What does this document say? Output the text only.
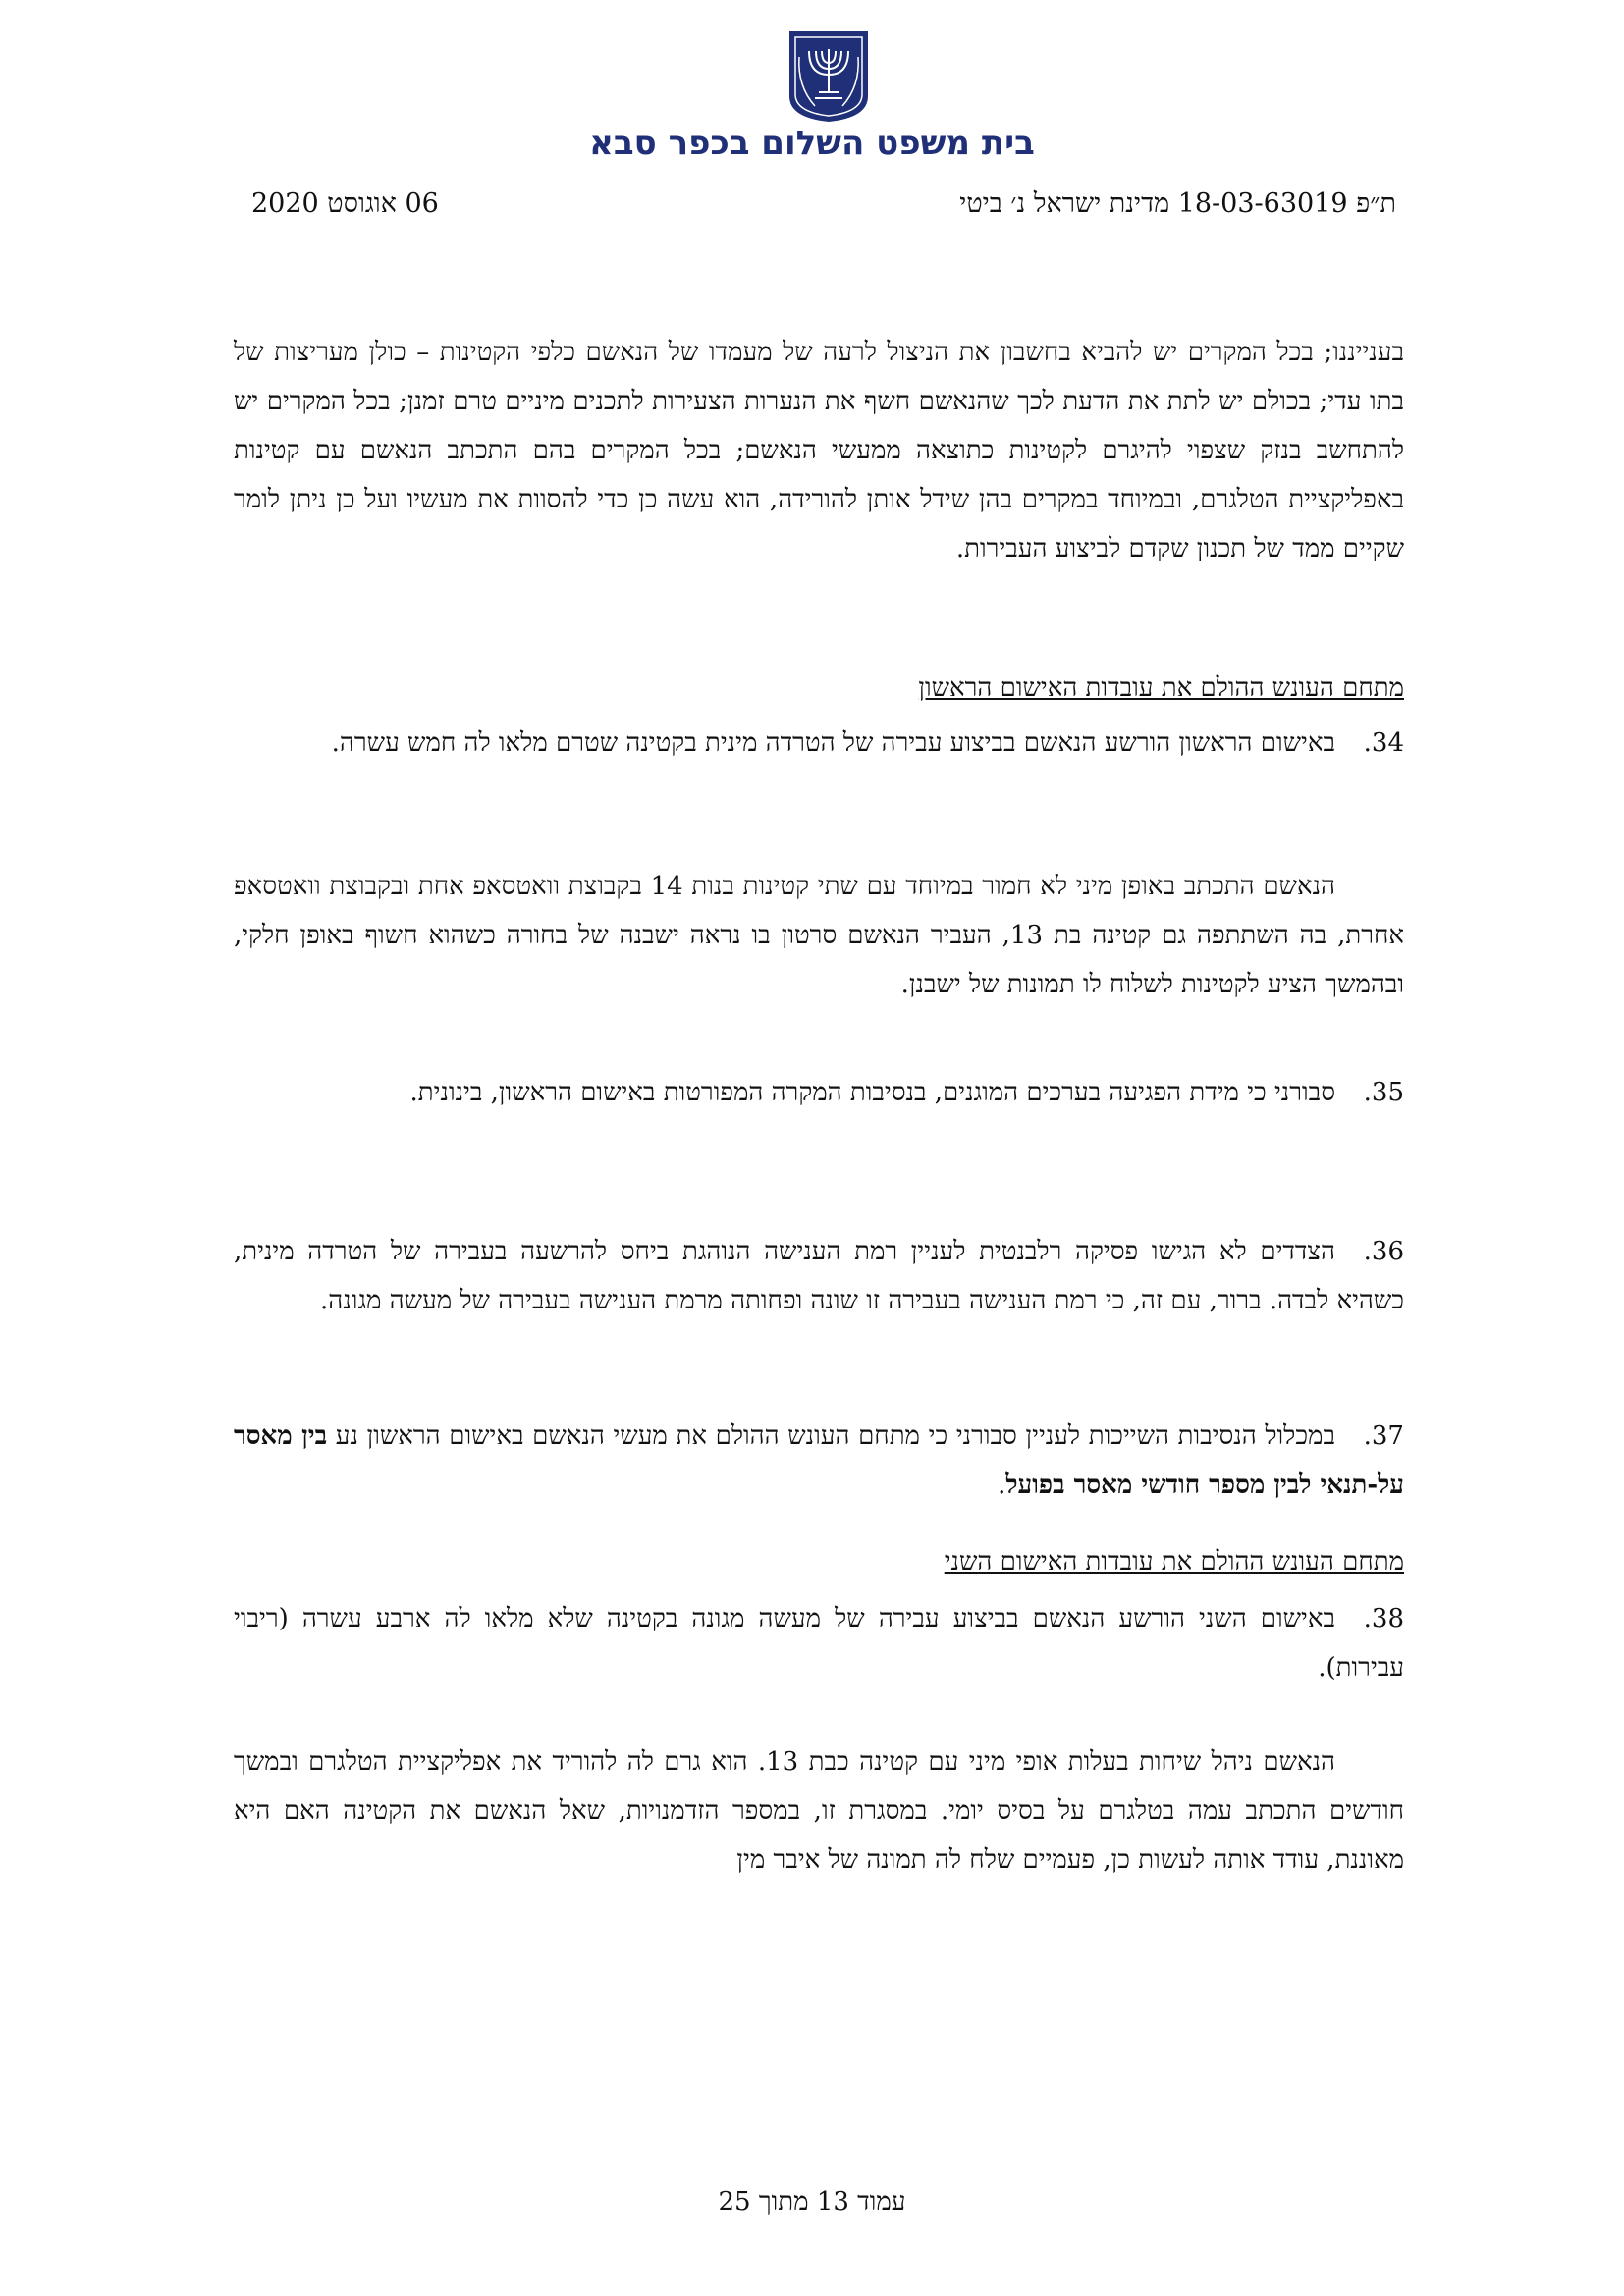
בית משפט השלום בכפר סבא
ת״פ 18-03-63019 מדינת ישראל נ׳ ביטי
06 אוגוסט 2020

בענייננו; בכל המקרים יש להביא בחשבון את הניצול לרעה של מעמדו של הנאשם כלפי הקטינות – כולן מעריצות של בתו עדי; בכולם יש לתת את הדעת לכך שהנאשם חשף את הנערות הצעירות לתכנים מיניים טרם זמנן; בכל המקרים יש להתחשב בנזק שצפוי להיגרם לקטינות כתוצאה ממעשי הנאשם; בכל המקרים בהם התכתב הנאשם עם קטינות באפליקציית הטלגרם, ובמיוחד במקרים בהן שידל אותן להורידה, הוא עשה כן כדי להסוות את מעשיו ועל כן ניתן לומר שקיים ממד של תכנון שקדם לביצוע העבירות.

מתחם העונש ההולם את עובדות האישום הראשון

34.באישום הראשון הורשע הנאשם בביצוע עבירה של הטרדה מינית בקטינה שטרם מלאו לה חמש עשרה.

הנאשם התכתב באופן מיני לא חמור במיוחד עם שתי קטינות בנות 14 בקבוצת וואטסאפ אחת ובקבוצת וואטסאפ אחרת, בה השתתפה גם קטינה בת 13, העביר הנאשם סרטון בו נראה ישבנה של בחורה כשהוא חשוף באופן חלקי, ובהמשך הציע לקטינות לשלוח לו תמונות של ישבנן.

35.סבורני כי מידת הפגיעה בערכים המוגנים, בנסיבות המקרה המפורטות באישום הראשון, בינונית.

36.הצדדים לא הגישו פסיקה רלבנטית לעניין רמת הענישה הנוהגת ביחס להרשעה בעבירה של הטרדה מינית, כשהיא לבדה. ברור, עם זה, כי רמת הענישה בעבירה זו שונה ופחותה מרמת הענישה בעבירה של מעשה מגונה.

37.במכלול הנסיבות השייכות לעניין סבורני כי מתחם העונש ההולם את מעשי הנאשם באישום הראשון נע בין מאסר על-תנאי לבין מספר חודשי מאסר בפועל.

מתחם העונש ההולם את עובדות האישום השני

38.באישום השני הורשע הנאשם בביצוע עבירה של מעשה מגונה בקטינה שלא מלאו לה ארבע עשרה (ריבוי עבירות).

הנאשם ניהל שיחות בעלות אופי מיני עם קטינה כבת 13. הוא גרם לה להוריד את אפליקציית הטלגרם ובמשך חודשים התכתב עמה בטלגרם על בסיס יומי. במסגרת זו, במספר הזדמנויות, שאל הנאשם את הקטינה האם היא מאוננת, עודד אותה לעשות כן, פעמיים שלח לה תמונה של איבר מין

עמוד 13 מתוך 25
